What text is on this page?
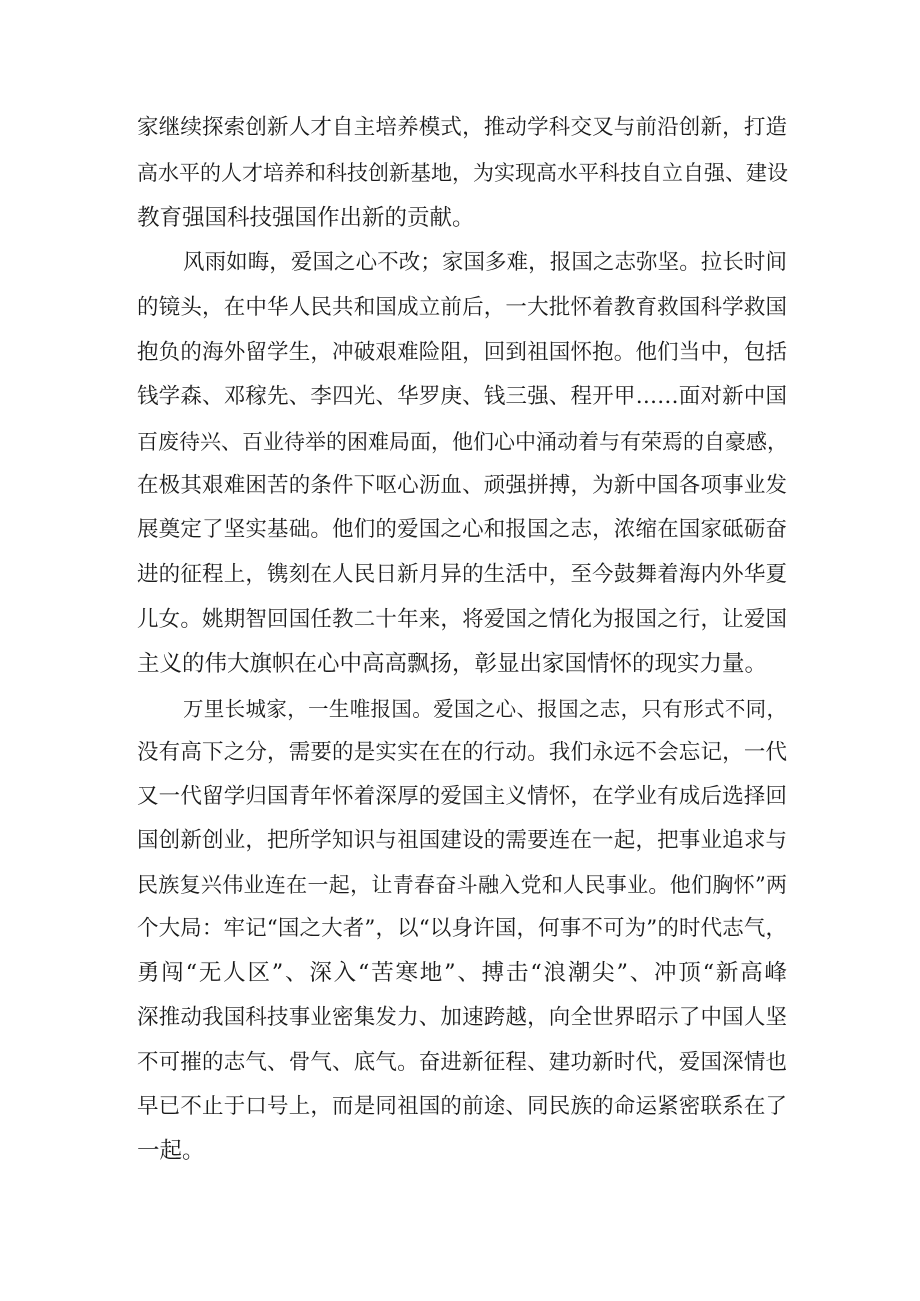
家继续探索创新人才自主培养模式，推动学科交叉与前沿创新，打造

高水平的人才培养和科技创新基地，为实现高水平科技自立自强、建设

教育强国科技强国作出新的贡献。

风雨如晦，爱国之心不改；家国多难，报国之志弥坚。拉长时间

的镜头，在中华人民共和国成立前后，一大批怀着教育救国科学救国

抱负的海外留学生，冲破艰难险阻，回到祖国怀抱。他们当中，包括

钱学森、邓稼先、李四光、华罗庚、钱三强、程开甲……面对新中国

百废待兴、百业待举的困难局面，他们心中涌动着与有荣焉的自豪感，

在极其艰难困苦的条件下呕心沥血、顽强拼搏，为新中国各项事业发

展奠定了坚实基础。他们的爱国之心和报国之志，浓缩在国家砥砺奋

进的征程上，镌刻在人民日新月异的生活中，至今鼓舞着海内外华夏

儿女。姚期智回国任教二十年来，将爱国之情化为报国之行，让爱国

主义的伟大旗帜在心中高高飘扬，彰显出家国情怀的现实力量。

万里长城家，一生唯报国。爱国之心、报国之志，只有形式不同，

没有高下之分，需要的是实实在在的行动。我们永远不会忘记，一代

又一代留学归国青年怀着深厚的爱国主义情怀，在学业有成后选择回

国创新创业，把所学知识与祖国建设的需要连在一起，把事业追求与

民族复兴伟业连在一起，让青春奋斗融入党和人民事业。他们胸怀”两

个大局：牢记“国之大者”，以“以身许国，何事不可为”的时代志气，

勇闯“无人区”、深入“苦寒地”、搏击“浪潮尖”、冲顶“新高峰

深推动我国科技事业密集发力、加速跨越，向全世界昭示了中国人坚

不可摧的志气、骨气、底气。奋进新征程、建功新时代，爱国深情也

早已不止于口号上，而是同祖国的前途、同民族的命运紧密联系在了

一起。
